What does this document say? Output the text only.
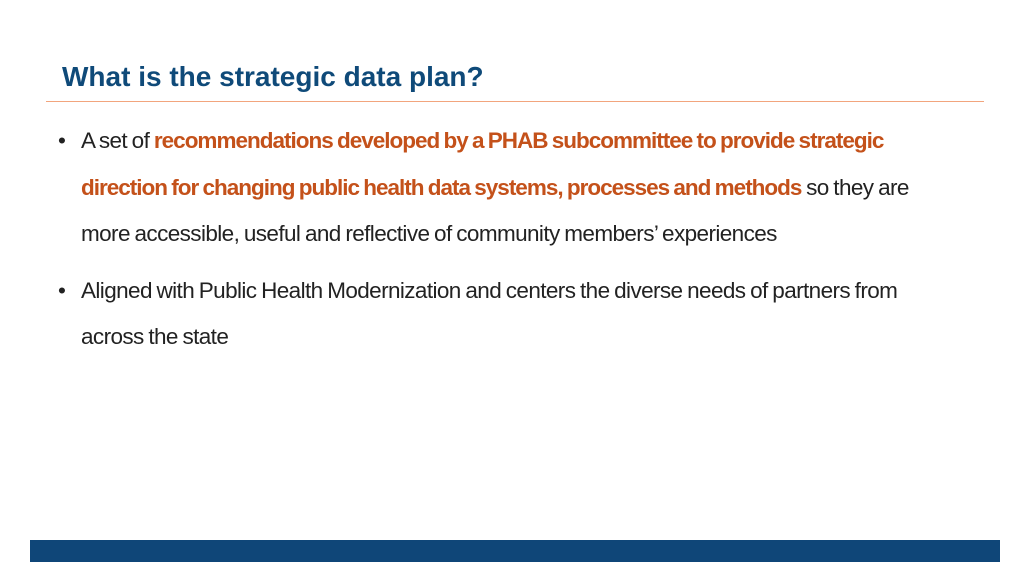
What is the strategic data plan?
• A set of recommendations developed by a PHAB subcommittee to provide strategic direction for changing public health data systems, processes and methods so they are more accessible, useful and reflective of community members’ experiences
• Aligned with Public Health Modernization and centers the diverse needs of partners from across the state
